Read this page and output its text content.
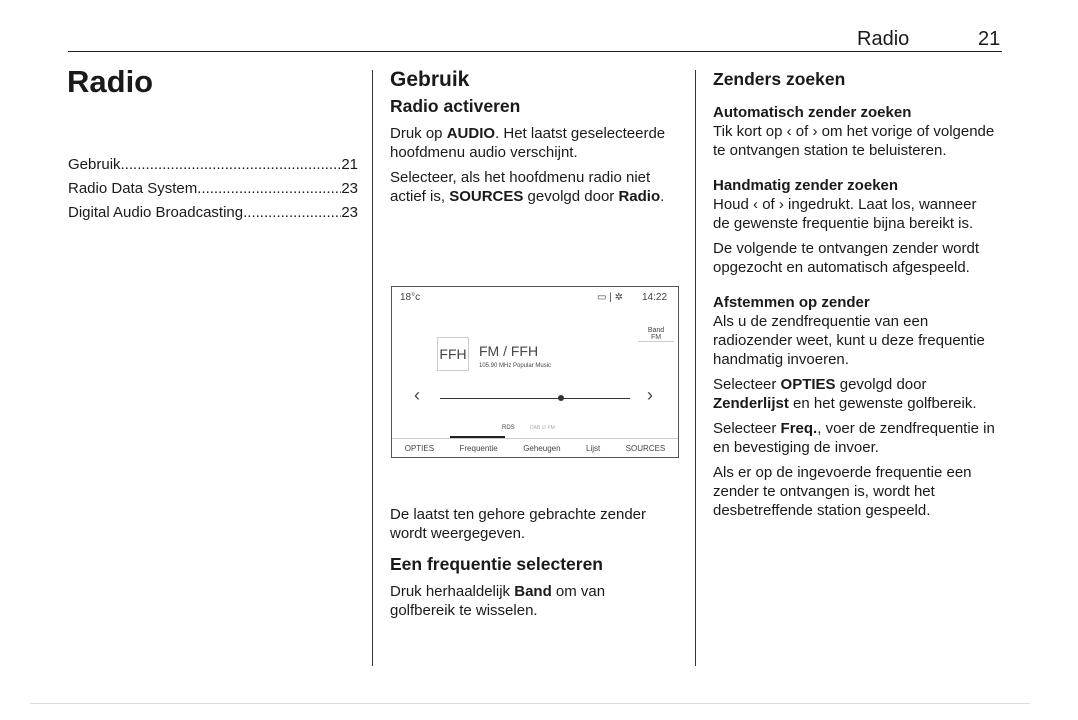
Radio	21
Radio
Gebruik .....	21
Radio Data System .....	23
Digital Audio Broadcasting .....	23
Gebruik
Radio activeren

Druk op AUDIO. Het laatst geselecteerde hoofdmenu audio verschijnt.

Selecteer, als het hoofdmenu radio niet actief is, SOURCES gevolgd door Radio.

18°c	▭ | ✲ 14:22
Band
FM
FFH FM / FFH
105.90 MHz Popular Music
‹	›
RDS	DAB ☑ FM
OPTIES	Frequentie	Geheugen	Lijst	SOURCES

De laatst ten gehore gebrachte zender wordt weergegeven.

Een frequentie selecteren

Druk herhaaldelijk Band om van golfbereik te wisselen.

Zenders zoeken
Automatisch zender zoeken

Tik kort op ‹ of › om het vorige of volgende te ontvangen station te beluisteren.

Handmatig zender zoeken

Houd ‹ of › ingedrukt. Laat los, wanneer de gewenste frequentie bijna bereikt is.

De volgende te ontvangen zender wordt opgezocht en automatisch afgespeeld.

Afstemmen op zender

Als u de zendfrequentie van een radiozender weet, kunt u deze frequentie handmatig invoeren.

Selecteer OPTIES gevolgd door Zenderlijst en het gewenste golfbereik.

Selecteer Freq., voer de zendfrequentie in en bevestiging de invoer.

Als er op de ingevoerde frequentie een zender te ontvangen is, wordt het desbetreffende station gespeeld.
